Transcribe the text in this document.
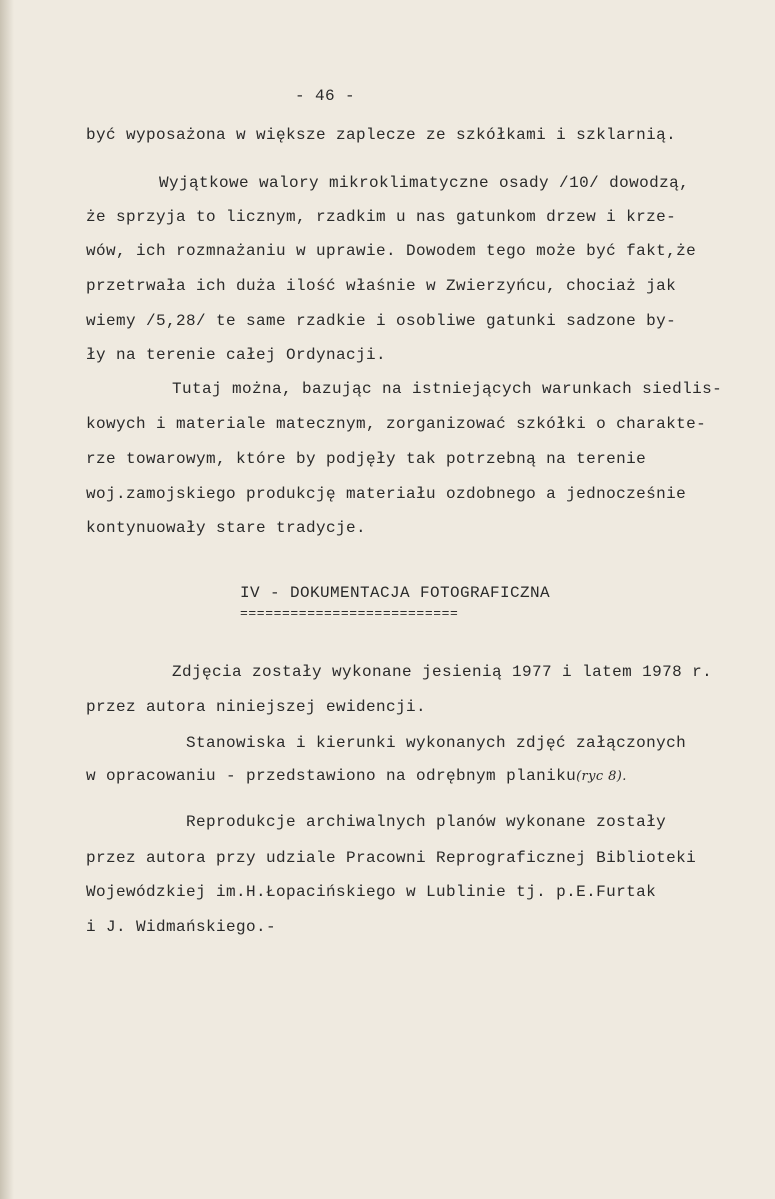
- 46 -
być wyposażona w większe zaplecze ze szkółkami i szklarnią.
Wyjątkowe walory mikroklimatyczne osady /10/ dowodzą,
że sprzyja to licznym, rzadkim u nas gatunkom drzew i krze-
wów, ich rozmnażaniu w uprawie. Dowodem tego może być fakt,że
przetrwała ich duża ilość właśnie w Zwierzyńcu, chociaż jak
wiemy /5,28/ te same rzadkie i osobliwe gatunki sadzone by-
ły na terenie całej Ordynacji.
Tutaj można, bazując na istniejących warunkach siedlis-
kowych i materiale matecznym, zorganizować szkółki o charakte-
rze towarowym, które by podjęły tak potrzebną na terenie
woj.zamojskiego produkcję materiału ozdobnego a jednocześnie
kontynuowały stare tradycje.
IV - DOKUMENTACJA FOTOGRAFICZNA
==========================
Zdjęcia zostały wykonane jesienią 1977 i latem 1978 r.
przez autora niniejszej ewidencji.
Stanowiska i kierunki wykonanych zdjęć załączonych
w opracowaniu - przedstawiono na odrębnym planiku(ryc 8).
Reprodukcje archiwalnych planów wykonane zostały
przez autora przy udziale Pracowni Reprograficznej Biblioteki
Wojewódzkiej im.H.Łopacińskiego w Lublinie tj. p.E.Furtak
i J. Widmańskiego.-
